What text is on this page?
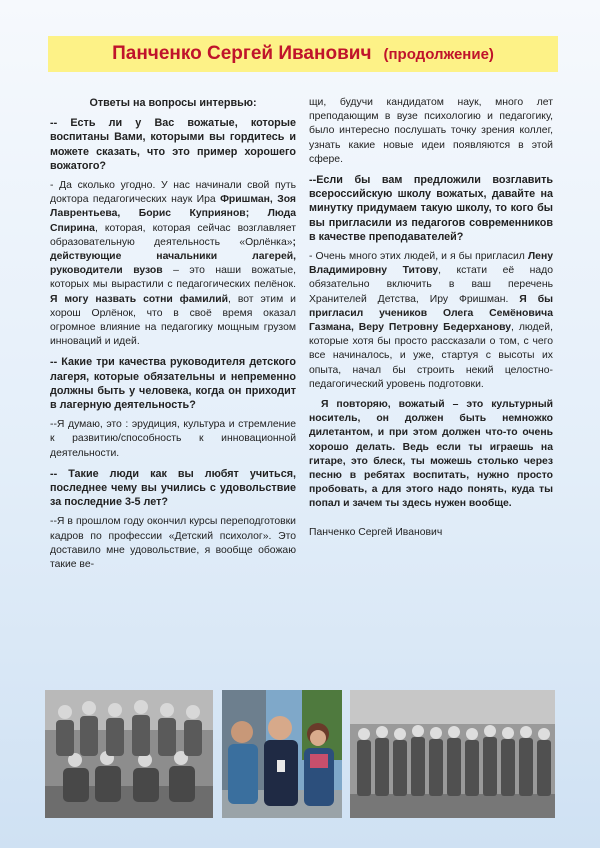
Панченко Сергей Иванович (продолжение)
Ответы на вопросы интервью:
-- Есть ли у Вас вожатые, которые воспитаны Вами, которыми вы гордитесь и можете сказать, что это пример хорошего вожатого?

- Да сколько угодно. У нас начинали свой путь доктора педагогических наук Ира Фришман, Зоя Лаврентьева, Борис Куприянов; Люда Спирина, которая, которая сейчас возглавляет образовательную деятельность «Орлёнка»; действующие начальники лагерей, руководители вузов – это наши вожатые, которых мы вырастили с педагогических пелёнок. Я могу назвать сотни фамилий, вот этим и хорош Орлёнок, что в своё время оказал огромное влияние на педагогику мощным грузом инноваций и идей.

-- Какие три качества руководителя детского лагеря, которые обязательны и непременно должны быть у человека, когда он приходит в лагерную деятельность?

--Я думаю, это : эрудиция, культура и стремление к развитию/способность к инновационной деятельности.

-- Такие люди как вы любят учиться, последнее чему вы учились с удовольствие за последние 3-5 лет?

--Я в прошлом году окончил курсы переподготовки кадров по профессии «Детский психолог». Это доставило мне удовольствие, я вообще обожаю такие ве-

щи, будучи кандидатом наук, много лет преподающим в вузе психологию и педагогику, было интересно послушать точку зрения коллег, узнать какие новые идеи появляются в этой сфере.

--Если бы вам предложили возглавить всероссийскую школу вожатых, давайте на минутку придумаем такую школу, то кого бы вы пригласили из педагогов современников в качестве преподавателей?

- Очень много этих людей, и я бы пригласил Лену Владимировну Титову, кстати её надо обязательно включить в ваш перечень Хранителей Детства, Иру Фришман. Я бы пригласил учеников Олега Семёновича Газмана, Веру Петровну Бедерханову, людей, которые хотя бы просто рассказали о том, с чего все начиналось, и уже, стартуя с высоты их опыта, начал бы строить некий целостно-педагогический уровень подготовки.

Я повторяю, вожатый – это культурный носитель, он должен быть немножко дилетантом, и при этом должен что-то очень хорошо делать. Ведь если ты играешь на гитаре, это блеск, ты можешь столько через песню в ребятах воспитать, нужно просто пробовать, а для этого надо понять, куда ты попал и зачем ты здесь нужен вообще.

Панченко Сергей Иванович
